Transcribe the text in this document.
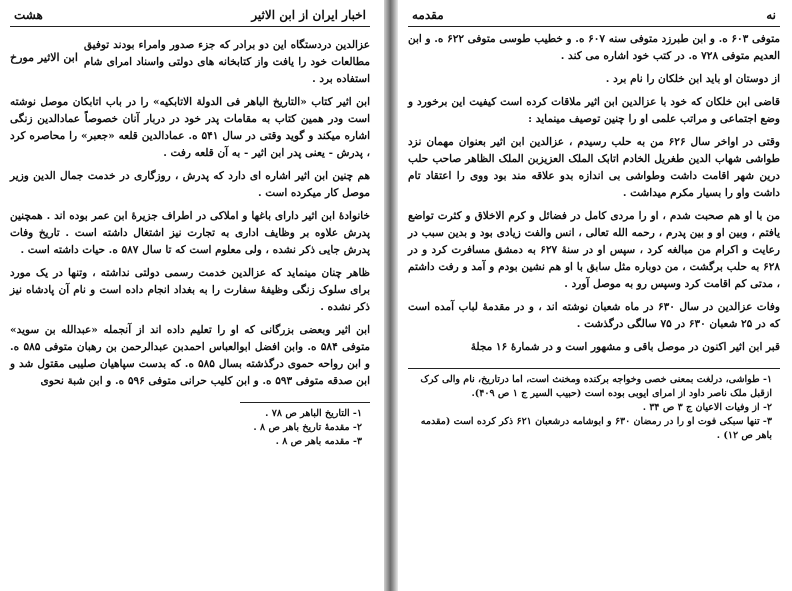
اخبار ایران از ابن الاثیر
هشت

عزالدین دردستگاه این دو برادر که جزء صدور وامراء بودند توفیق مطالعات خود را یافت واز کتابخانه های دولتی واسناد امرای شام استفاده برد .

ابن الاثیر مورخ

ابن اثیر کتاب «التاریخ الباهر فی الدولة الاتابکیه» را در باب اتابکان موصل نوشته است ودر همین کتاب به مقامات پدر خود در دربار آنان خصوصاً عمادالدین زنگی اشاره میکند و گوید وقتی در سال ۵۴۱ ه. عمادالدین قلعه «جعبر» را محاصره کرد ، پدرش - یعنی پدر ابن اثیر - به آن قلعه رفت .

هم چنین ابن اثیر اشاره ای دارد که پدرش ، روزگاری در خدمت جمال الدین وزیر موصل کار میکرده است .

خانوادهٔ ابن اثیر دارای باغها و املاکی در اطراف جزیرهٔ ابن عمر بوده اند . همچنین پدرش علاوه بر وظایف اداری به تجارت نیز اشتغال داشته است . تاریخ وفات پدرش جایی ذکر نشده ، ولی معلوم است که تا سال ۵۸۷ ه. حیات داشته است .

ظاهر چنان مینماید که عزالدین خدمت رسمی دولتی نداشته ، وتنها در یک مورد برای سلوک زنگی وظیفهٔ سفارت را به بغداد انجام داده است و نام آن پادشاه نیز ذکر نشده .

ابن اثیر وبعضی بزرگانی که او را تعلیم داده اند از آنجمله «عبدالله بن سوید» متوفی ۵۸۴ ه. وابن افضل ابوالعباس احمدبن عبدالرحمن بن رهبان متوفی ۵۸۵ ه. و ابن رواحه حموی درگذشته بسال ۵۸۵ ه. که بدست سپاهیان صلیبی مقتول شد و ابن صدقه متوفی ۵۹۳ ه. و ابن کلیب حرانی متوفی ۵۹۶ ه. و ابن شبة نحوی

۱- التاریخ الباهر ص ۷۸ .

۲- مقدمهٔ تاریخ باهر ص ۸ .

۳- مقدمه باهر ص ۸ .

نه
مقدمه

متوفی ۶۰۳ ه. و ابن طبرزد متوفی سنه ۶۰۷ ه. و خطیب طوسی متوفی ۶۲۲ ه. و ابن العدیم متوفی ۷۲۸ ه. در کتب خود اشاره می کند .

از دوستان او باید ابن خلکان را نام برد .

قاضی ابن خلکان که خود با عزالدین ابن اثیر ملاقات کرده است کیفیت این برخورد و وضع اجتماعی و مراتب علمی او را چنین توصیف مینماید :

وقتی در اواخر سال ۶۲۶ من به حلب رسیدم ، عزالدین ابن اثیر بعنوان مهمان نزد طواشی شهاب الدین طغریل الخادم اتابک الملک العزیزبن الملک الظاهر صاحب حلب درین شهر اقامت داشت وطواشی بی اندازه بدو علاقه مند بود ووی را اعتقاد تام داشت واو را بسیار مکرم میداشت .

من با او هم صحبت شدم ، او را مردی کامل در فضائل و کرم الاخلاق و کثرت تواضع یافتم ، وبین او و بین پدرم ، رحمه الله تعالی ، انس والفت زیادی بود و بدین سبب در رعایت و اکرام من مبالغه کرد ، سپس او در سنهٔ ۶۲۷ به دمشق مسافرت کرد و در ۶۲۸ به حلب برگشت ، من دوباره مثل سابق با او هم نشین بودم و آمد و رفت داشتم ، مدتی کم اقامت کرد وسپس رو به موصل آورد .

وفات عزالدین در سال ۶۳۰ در ماه شعبان نوشته اند ، و در مقدمهٔ لباب آمده است که در ۲۵ شعبان ۶۳۰ در ۷۵ سالگی درگذشت .

قبر ابن اثیر اکنون در موصل باقی و مشهور است و در شمارهٔ ۱۶ مجلهٔ

۱- طواشی، درلغت بمعنی خصی وخواجه برکنده ومخنث است، اما درتاریخ، نام والی کرک ازقبل ملک ناصر داود از امرای ایوبی بوده است (حبیب السیر ج ۱ ص ۴۰۹).

۲- از وفیات الاعیان ج ۳ ص ۳۴ .

۳- تنها سبکی فوت او را در رمضان ۶۳۰ و ابوشامه درشعبان ۶۲۱ ذکر کرده است (مقدمه باهر ص ۱۲) .
